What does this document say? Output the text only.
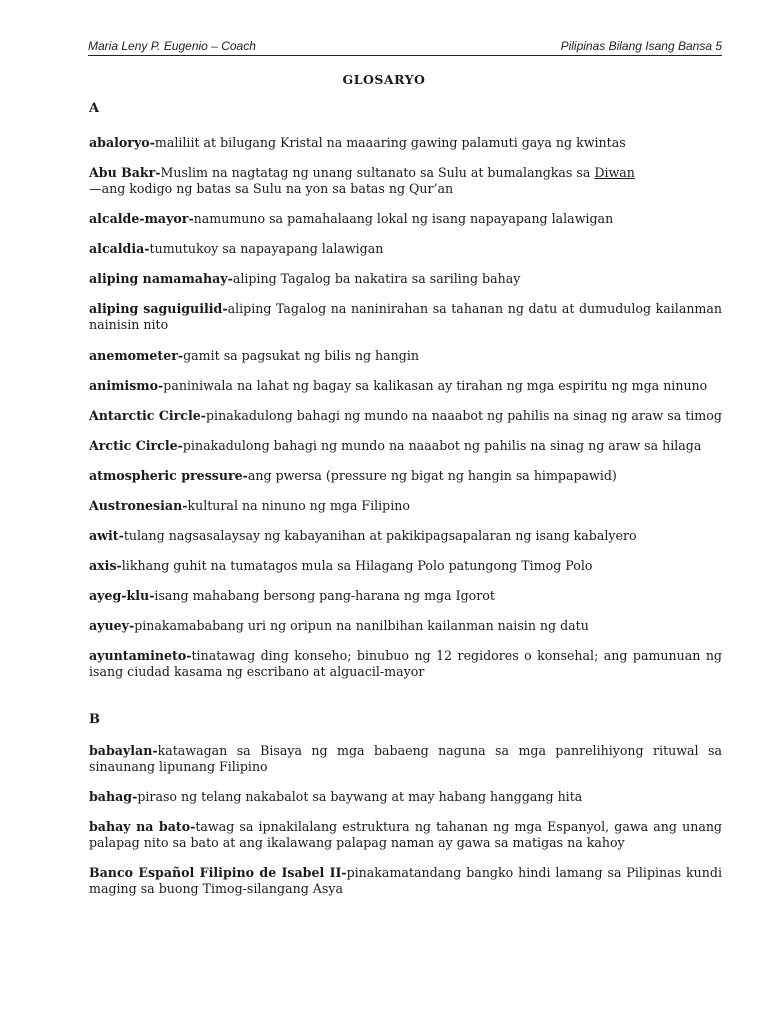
Maria Leny P. Eugenio – Coach	Pilipinas Bilang Isang Bansa 5
GLOSARYO

A

abaloryo-maliliit at bilugang Kristal na maaaring gawing palamuti gaya ng kwintas

Abu Bakr-Muslim na nagtatag ng unang sultanato sa Sulu at bumalangkas sa Diwan
—ang kodigo ng batas sa Sulu na yon sa batas ng Qur’an

alcalde-mayor-namumuno sa pamahalaang lokal ng isang napayapang lalawigan

alcaldia-tumutukoy sa napayapang lalawigan

aliping namamahay-aliping Tagalog ba nakatira sa sariling bahay

aliping saguiguilid-aliping Tagalog na naninirahan sa tahanan ng datu at dumudulog kailanman nainisin nito

anemometer-gamit sa pagsukat ng bilis ng hangin

animismo-paniniwala na lahat ng bagay sa kalikasan ay tirahan ng mga espiritu ng mga ninuno

Antarctic Circle-pinakadulong bahagi ng mundo na naaabot ng pahilis na sinag ng araw sa timog

Arctic Circle-pinakadulong bahagi ng mundo na naaabot ng pahilis na sinag ng araw sa hilaga

atmospheric pressure-ang pwersa (pressure ng bigat ng hangin sa himpapawid)

Austronesian-kultural na ninuno ng mga Filipino

awit-tulang nagsasalaysay ng kabayanihan at pakikipagsapalaran ng isang kabalyero

axis-likhang guhit na tumatagos mula sa Hilagang Polo patungong Timog Polo

ayeg-klu-isang mahabang bersong pang-harana ng mga Igorot

ayuey-pinakamababang uri ng oripun na nanilbihan kailanman naisin ng datu

ayuntamineto-tinatawag ding konseho; binubuo ng 12 regidores o konsehal; ang pamunuan ng isang ciudad kasama ng escribano at alguacil-mayor

B

babaylan-katawagan sa Bisaya ng mga babaeng naguna sa mga panrelihiyong rituwal sa sinaunang lipunang Filipino

bahag-piraso ng telang nakabalot sa baywang at may habang hanggang hita

bahay na bato-tawag sa ipnakilalang estruktura ng tahanan ng mga Espanyol, gawa ang unang palapag nito sa bato at ang ikalawang palapag naman ay gawa sa matigas na kahoy

Banco Español Filipino de Isabel II-pinakamatandang bangko hindi lamang sa Pilipinas kundi maging sa buong Timog-silangang Asya
